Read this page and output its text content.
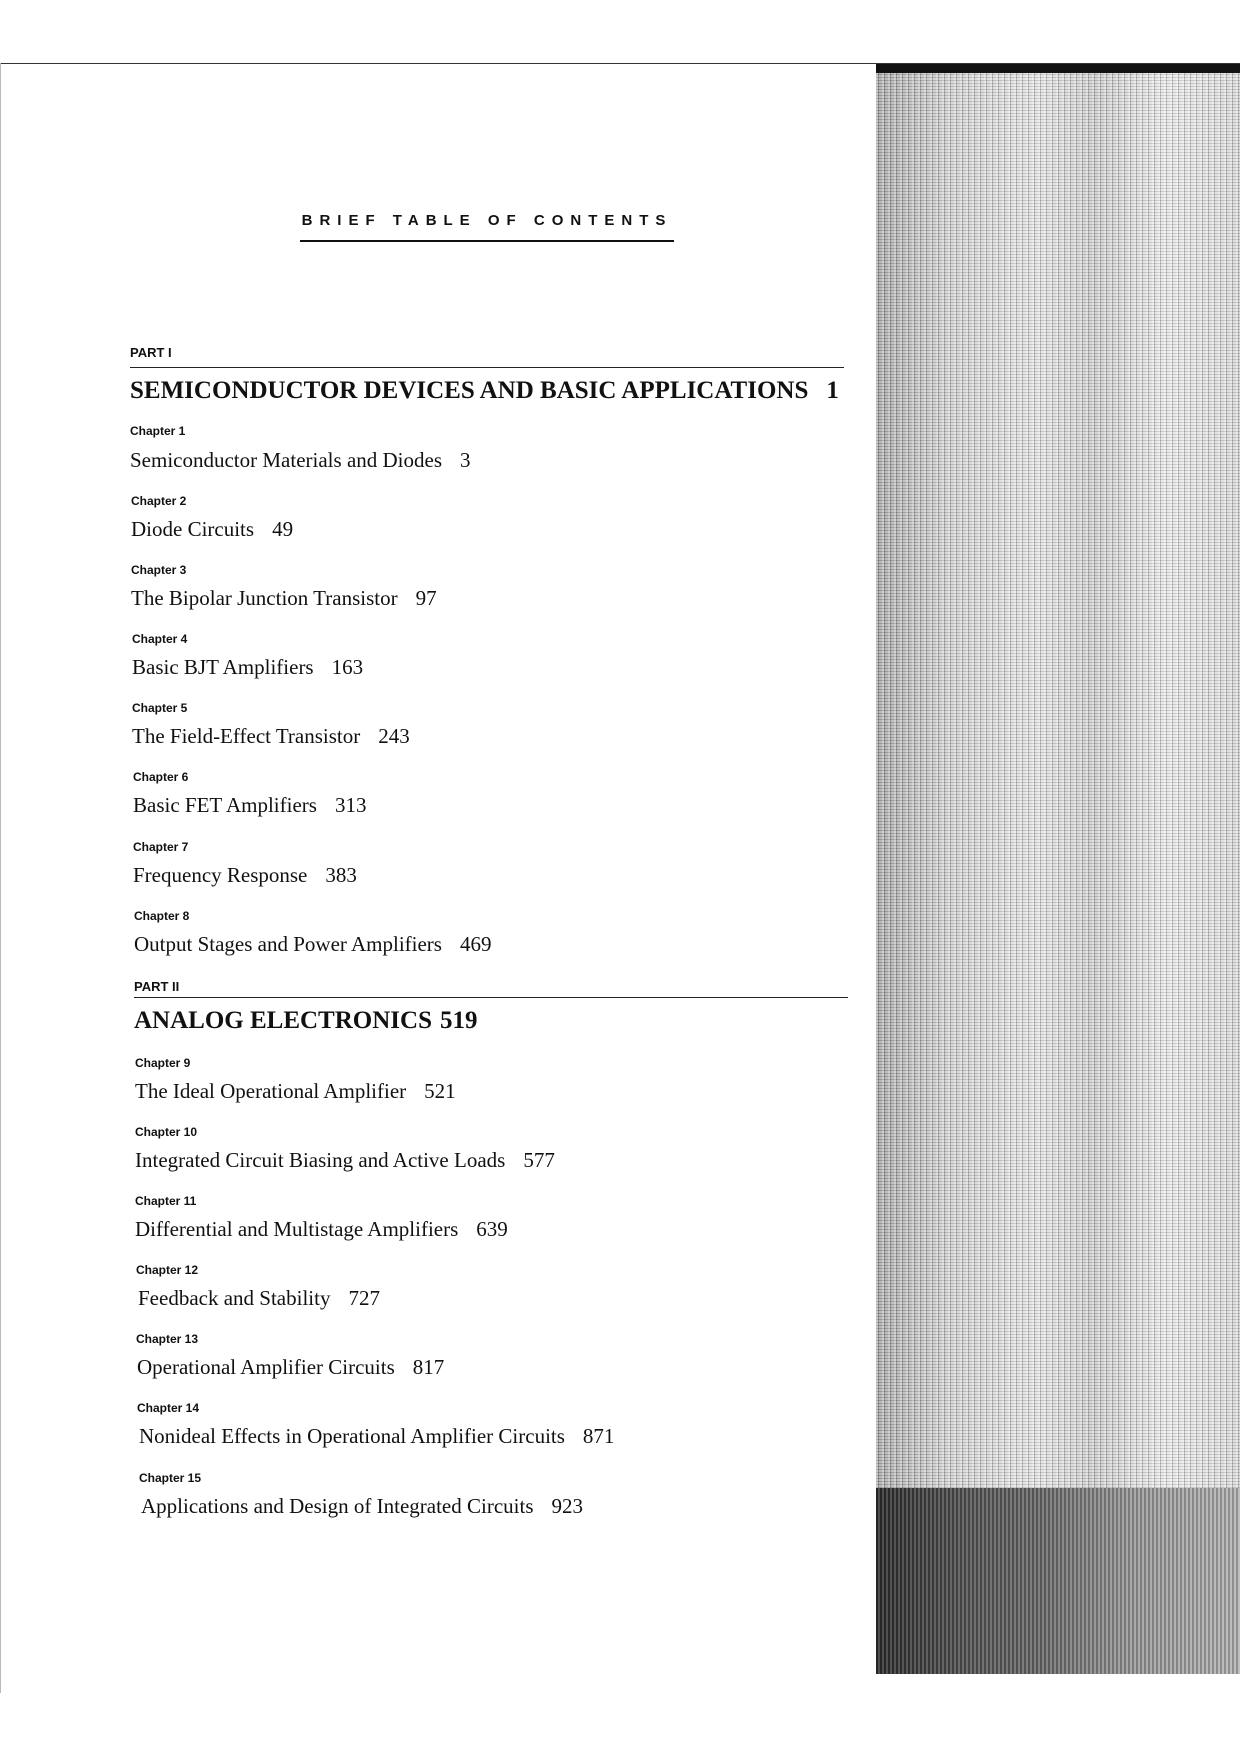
BRIEF TABLE OF CONTENTS
PART I
SEMICONDUCTOR DEVICES AND BASIC APPLICATIONS 1
Chapter 1
Semiconductor Materials and Diodes 3
Chapter 2
Diode Circuits 49
Chapter 3
The Bipolar Junction Transistor 97
Chapter 4
Basic BJT Amplifiers 163
Chapter 5
The Field-Effect Transistor 243
Chapter 6
Basic FET Amplifiers 313
Chapter 7
Frequency Response 383
Chapter 8
Output Stages and Power Amplifiers 469
PART II
ANALOG ELECTRONICS 519
Chapter 9
The Ideal Operational Amplifier 521
Chapter 10
Integrated Circuit Biasing and Active Loads 577
Chapter 11
Differential and Multistage Amplifiers 639
Chapter 12
Feedback and Stability 727
Chapter 13
Operational Amplifier Circuits 817
Chapter 14
Nonideal Effects in Operational Amplifier Circuits 871
Chapter 15
Applications and Design of Integrated Circuits 923
